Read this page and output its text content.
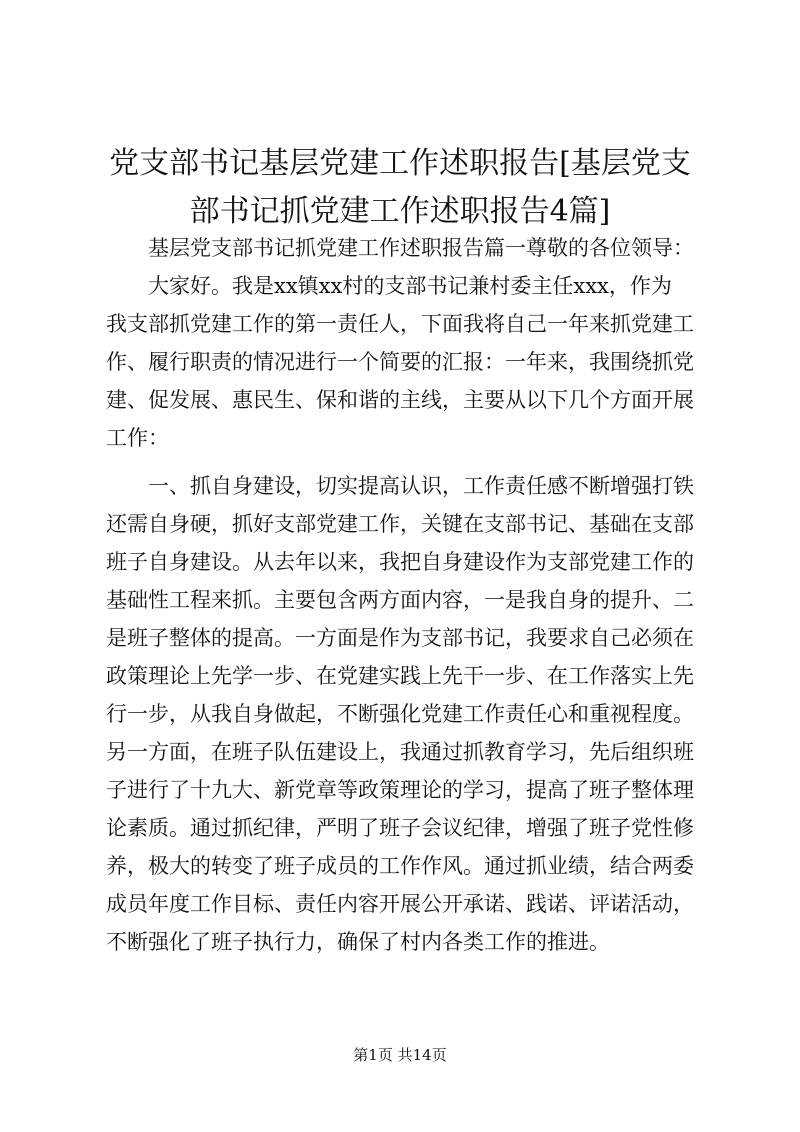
党支部书记基层党建工作述职报告[基层党支
部书记抓党建工作述职报告4篇]
基层党支部书记抓党建工作述职报告篇一尊敬的各位领导：
大家好。我是xx镇xx村的支部书记兼村委主任xxx，作为
我支部抓党建工作的第一责任人，下面我将自己一年来抓党建工
作、履行职责的情况进行一个简要的汇报：一年来，我围绕抓党
建、促发展、惠民生、保和谐的主线，主要从以下几个方面开展
工作：
一、抓自身建设，切实提高认识，工作责任感不断增强打铁
还需自身硬，抓好支部党建工作，关键在支部书记、基础在支部
班子自身建设。从去年以来，我把自身建设作为支部党建工作的
基础性工程来抓。主要包含两方面内容，一是我自身的提升、二
是班子整体的提高。一方面是作为支部书记，我要求自己必须在
政策理论上先学一步、在党建实践上先干一步、在工作落实上先
行一步，从我自身做起，不断强化党建工作责任心和重视程度。
另一方面，在班子队伍建设上，我通过抓教育学习，先后组织班
子进行了十九大、新党章等政策理论的学习，提高了班子整体理
论素质。通过抓纪律，严明了班子会议纪律，增强了班子党性修
养，极大的转变了班子成员的工作作风。通过抓业绩，结合两委
成员年度工作目标、责任内容开展公开承诺、践诺、评诺活动，
不断强化了班子执行力，确保了村内各类工作的推进。
第1页 共14页
